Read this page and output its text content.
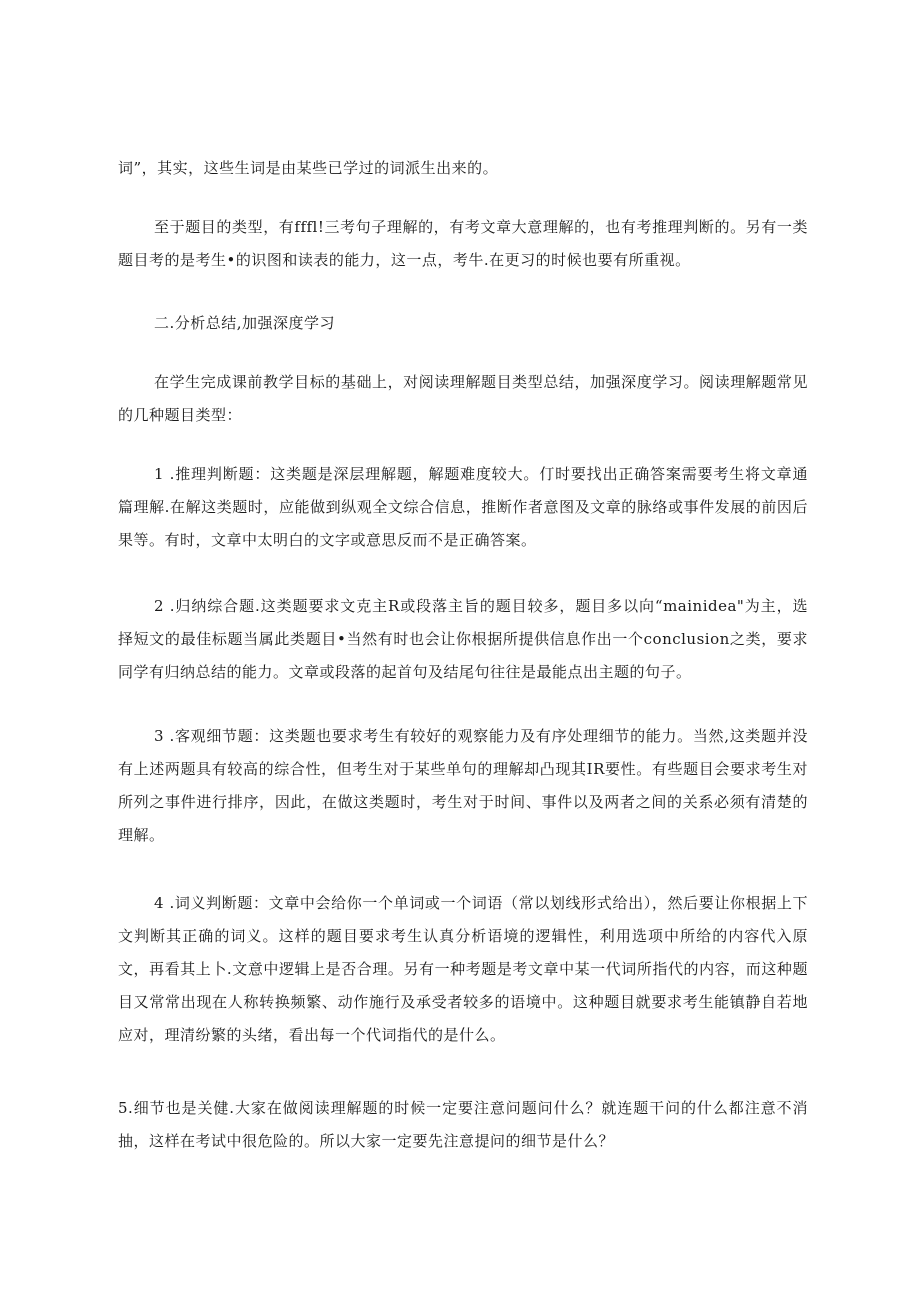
词”，其实，这些生词是由某些已学过的词派生出来的。

至于题目的类型，有fffl!三考句子理解的，有考文章大意理解的，也有考推理判断的。另有一类题目考的是考生•的识图和读表的能力，这一点，考牛.在更习的时候也要有所重视。

二.分析总结,加强深度学习

在学生完成课前教学目标的基础上，对阅读理解题目类型总结，加强深度学习。阅读理解题常见的几种题目类型：

1 .推理判断题：这类题是深层理解题，解题难度较大。仃时要找出正确答案需要考生将文章通篇理解.在解这类题时，应能做到纵观全文综合信息，推断作者意图及文章的脉络或事件发展的前因后果等。有时，文章中太明白的文字或意思反而不是正确答案。

2 .归纳综合题.这类题要求文克主R或段落主旨的题目较多，题目多以向“mainidea"为主，选择短文的最佳标题当属此类题目•当然有时也会让你根据所提供信息作出一个conclusion之类，要求同学有归纳总结的能力。文章或段落的起首句及结尾句往往是最能点出主题的句子。

3 .客观细节题：这类题也要求考生有较好的观察能力及有序处理细节的能力。当然,这类题并没有上述两题具有较高的综合性，但考生对于某些单句的理解却凸现其IR要性。有些题目会要求考生对所列之事件进行排序，因此，在做这类题时，考生对于时间、事件以及两者之间的关系必须有清楚的理解。

4 .词义判断题：文章中会给你一个单词或一个词语（常以划线形式给出），然后要让你根据上下文判断其正确的词义。这样的题目要求考生认真分析语境的逻辑性，利用选项中所给的内容代入原文，再看其上卜.文意中逻辑上是否合理。另有一种考题是考文章中某一代词所指代的内容，而这种题目又常常出现在人称转换频繁、动作施行及承受者较多的语境中。这种题目就要求考生能镇静自若地应对，理清纷繁的头绪，看出每一个代词指代的是什么。

5.细节也是关健.大家在做阅读理解题的时候一定要注意问题问什么？就连题干问的什么都注意不消抽，这样在考试中很危险的。所以大家一定要先注意提问的细节是什么？
